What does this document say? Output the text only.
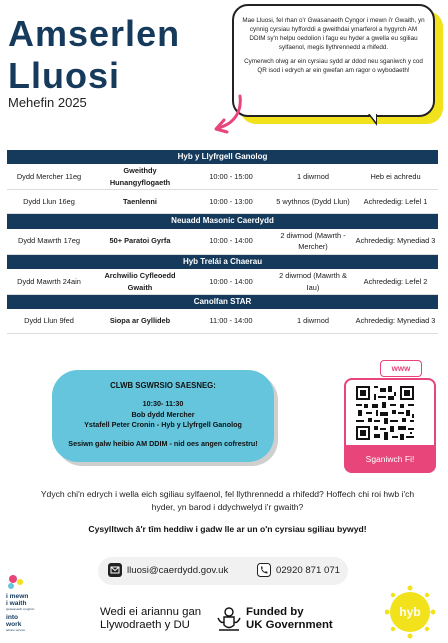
Amserlen
Lluosi
Mehefin 2025

Mae Lluosi, fel rhan o'r Gwasanaeth Cyngor i mewn i'r Gwaith, yn cynnig cyrsiau hyfforddi a gweithdai ymarferol a hygyrch AM DDIM sy'n helpu oedolion i fagu eu hyder a gwella eu sgiliau sylfaenol, megis llythrennedd a rhifedd.

Cymerwch olwg ar ein cyrsiau sydd ar ddod neu sganiwch y cod QR isod i edrych ar ein gwefan am ragor o wybodaeth!

Hyb y Llyfrgell Ganolog				
Dydd Mercher 11eg	Gweithdy Hunangyflogaeth	10:00 - 15:00	1 diwrnod	Heb ei achredu
Dydd Llun 16eg	Taenlenni	10:00 - 13:00	5 wythnos (Dydd Llun)	Achrededig: Lefel 1
Neuadd Masonic Caerdydd				
Dydd Mawrth 17eg	50+ Paratoi Gyrfa	10:00 - 14:00	2 diwrnod (Mawrth - Mercher)	Achrededig: Mynediad 3
Hyb Trelái a Chaerau				
Dydd Mawrth 24ain	Archwilio Cyfleoedd Gwaith	10:00 - 14:00	2 diwrnod (Mawrth & Iau)	Achrededig: Lefel 2
Canolfan STAR				
Dydd Llun 9fed	Siopa ar Gyllideb	11:00 - 14:00	1 diwrnod	Achrededig: Mynediad 3
CLWB SGWRSIO SAESNEG:
10:30- 11:30
Bob dydd Mercher
Ystafell Peter Cronin - Hyb y Llyfrgell Ganolog
Sesiwn galw heibio AM DDIM - nid oes angen cofrestru!
Sganiwch Fi!
www
Ydych chi'n edrych i wella eich sgiliau sylfaenol, fel llythrennedd a rhifedd? Hoffech chi roi hwb i'ch hyder, yn barod i ddychwelyd i'r gwaith?
Cysylltwch â'r tîm heddiw i gadw lle ar un o'n cyrsiau sgiliau bywyd!
lluosi@caerdydd.gov.uk	02920 871 071
i mewn
i waith
gwasanaeth cynghori
into
work
advice service
Wedi ei ariannu gan
Llywodraeth y DU
Funded by
UK Government
hyb
